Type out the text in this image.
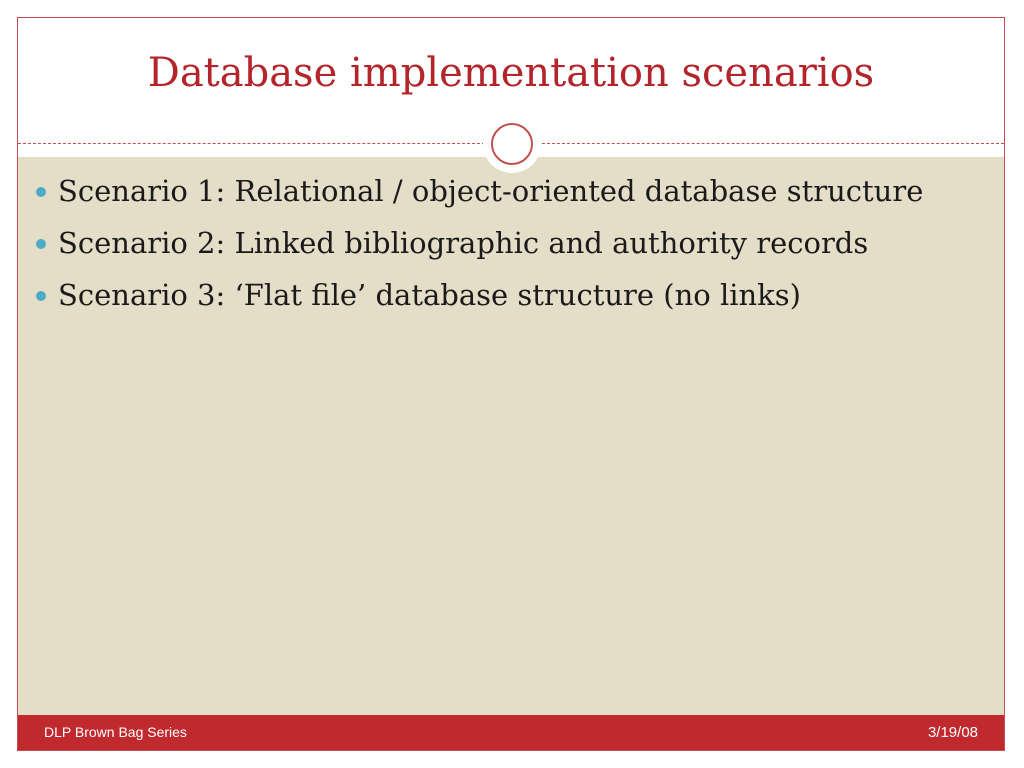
Database implementation scenarios
DLP Brown Bag Series	3/19/08
Scenario 1: Relational / object-oriented database structure
Scenario 2: Linked bibliographic and authority records
Scenario 3: ‘Flat file’ database structure (no links)
